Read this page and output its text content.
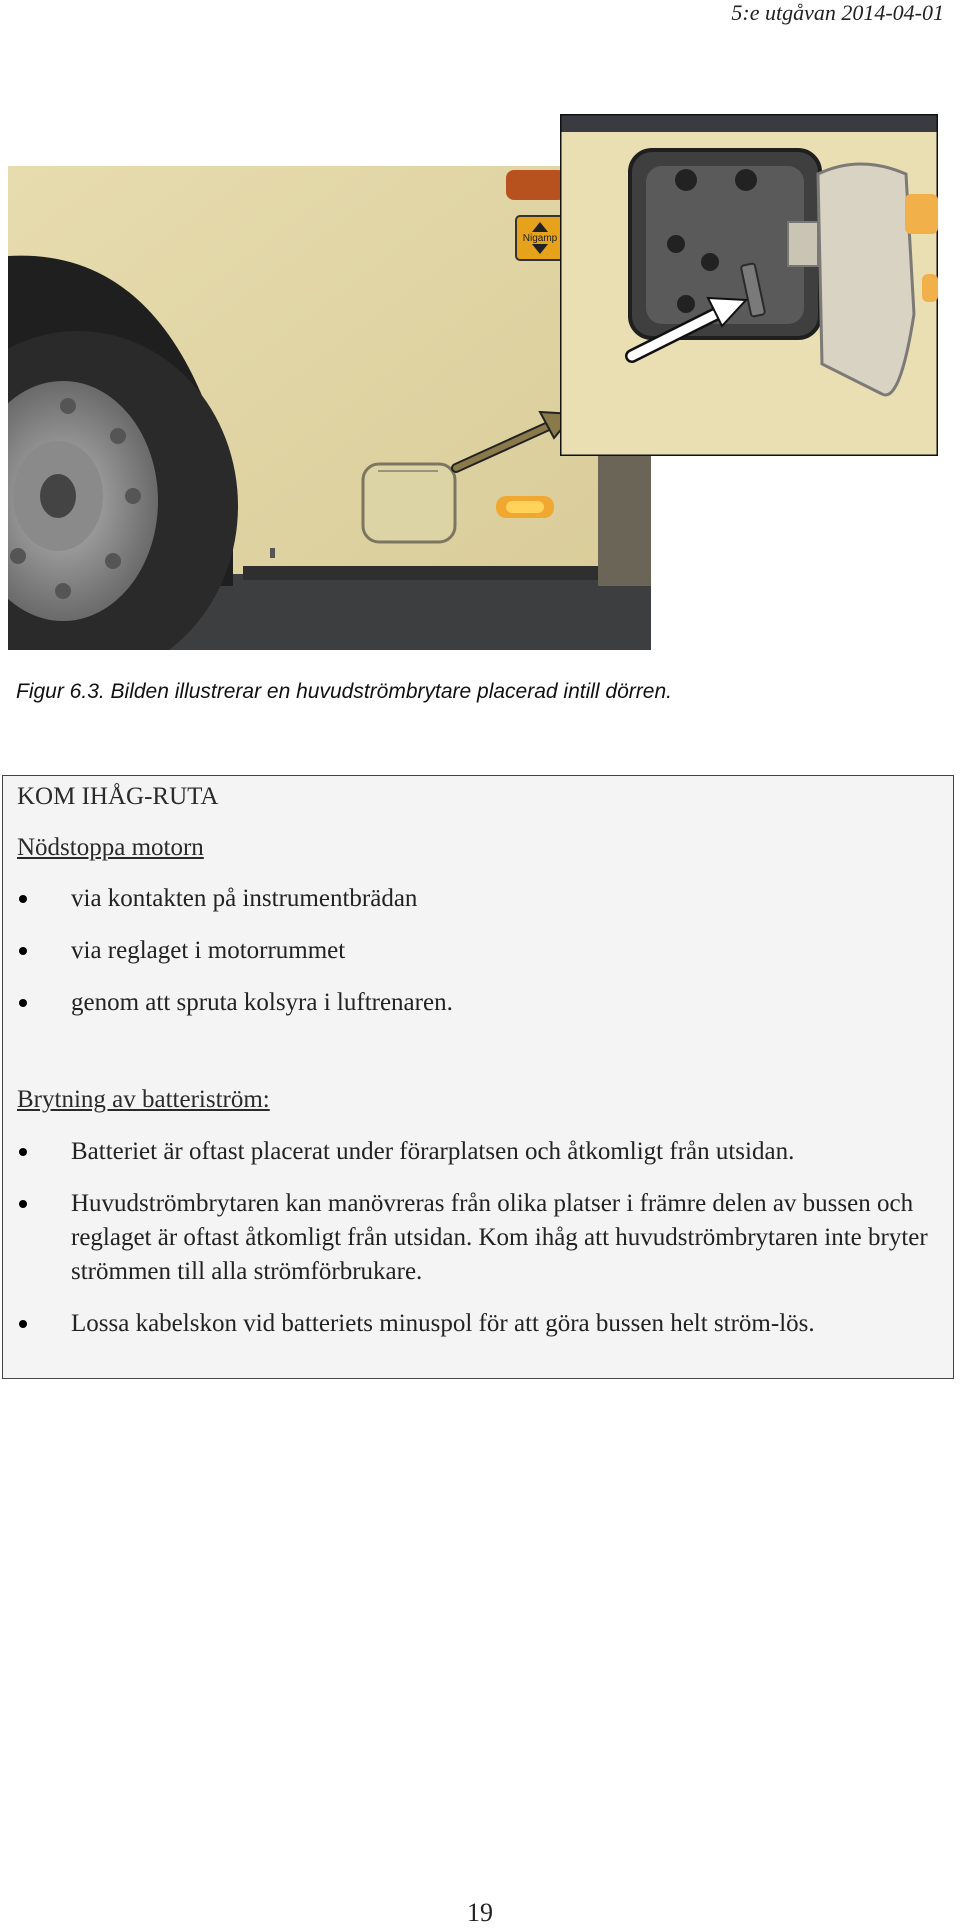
5:e utgåvan 2014-04-01
Nigamp
Figur 6.3. Bilden illustrerar en huvudströmbrytare placerad intill dörren.
KOM IHÅG-RUTA
Nödstoppa motorn
via kontakten på instrumentbrädan
via reglaget i motorrummet
genom att spruta kolsyra i luftrenaren.
Brytning av batteriström:
Batteriet är oftast placerat under förarplatsen och åtkomligt från utsidan.
Huvudströmbrytaren kan manövreras från olika platser i främre delen av bussen och reglaget är oftast åtkomligt från utsidan. Kom ihåg att huvudströmbrytaren inte bryter strömmen till alla strömförbrukare.
Lossa kabelskon vid batteriets minuspol för att göra bussen helt ström-lös.
19
